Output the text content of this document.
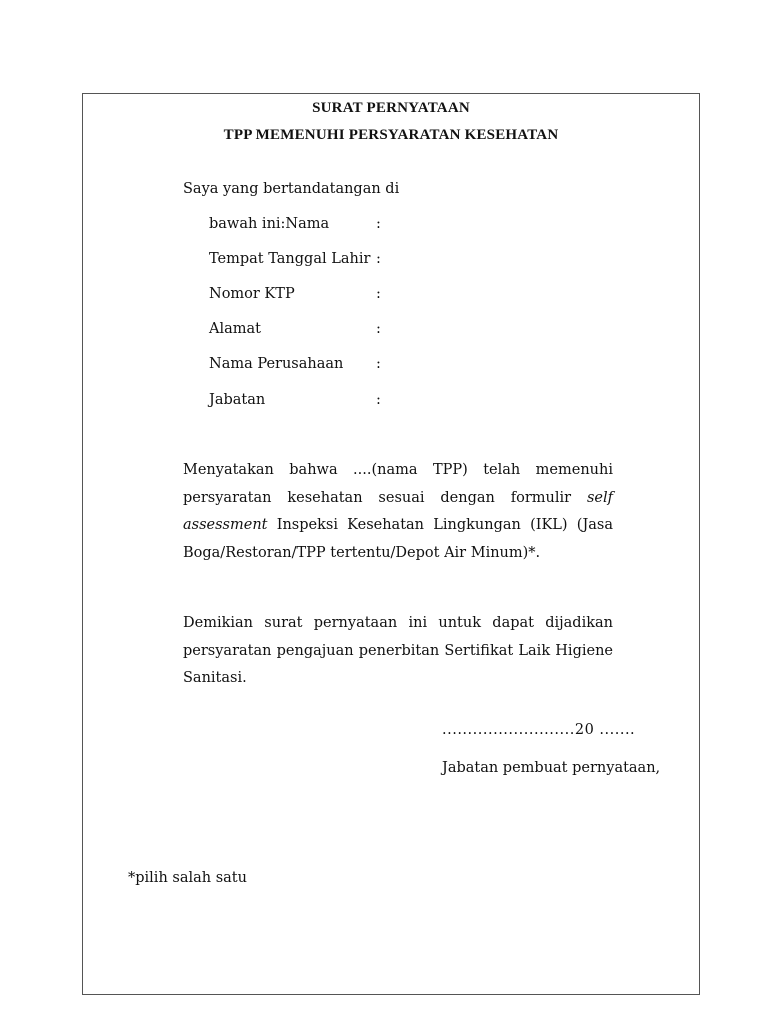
SURAT PERNYATAAN
TPP MEMENUHI PERSYARATAN KESEHATAN
Saya yang bertandatangan di
bawah ini:Nama	:
Tempat Tanggal Lahir :
Nomor KTP	:
Alamat	:
Nama Perusahaan :
Jabatan	:
Menyatakan bahwa ....(nama TPP) telah memenuhi
persyaratan kesehatan sesuai dengan formulir self
assessment Inspeksi Kesehatan Lingkungan (IKL) (Jasa
Boga/Restoran/TPP tertentu/Depot Air Minum)*.
Demikian surat pernyataan ini untuk dapat dijadikan
persyaratan pengajuan penerbitan Sertifikat Laik Higiene
Sanitasi.
..........................20 .......
Jabatan pembuat pernyataan,
*pilih salah satu
